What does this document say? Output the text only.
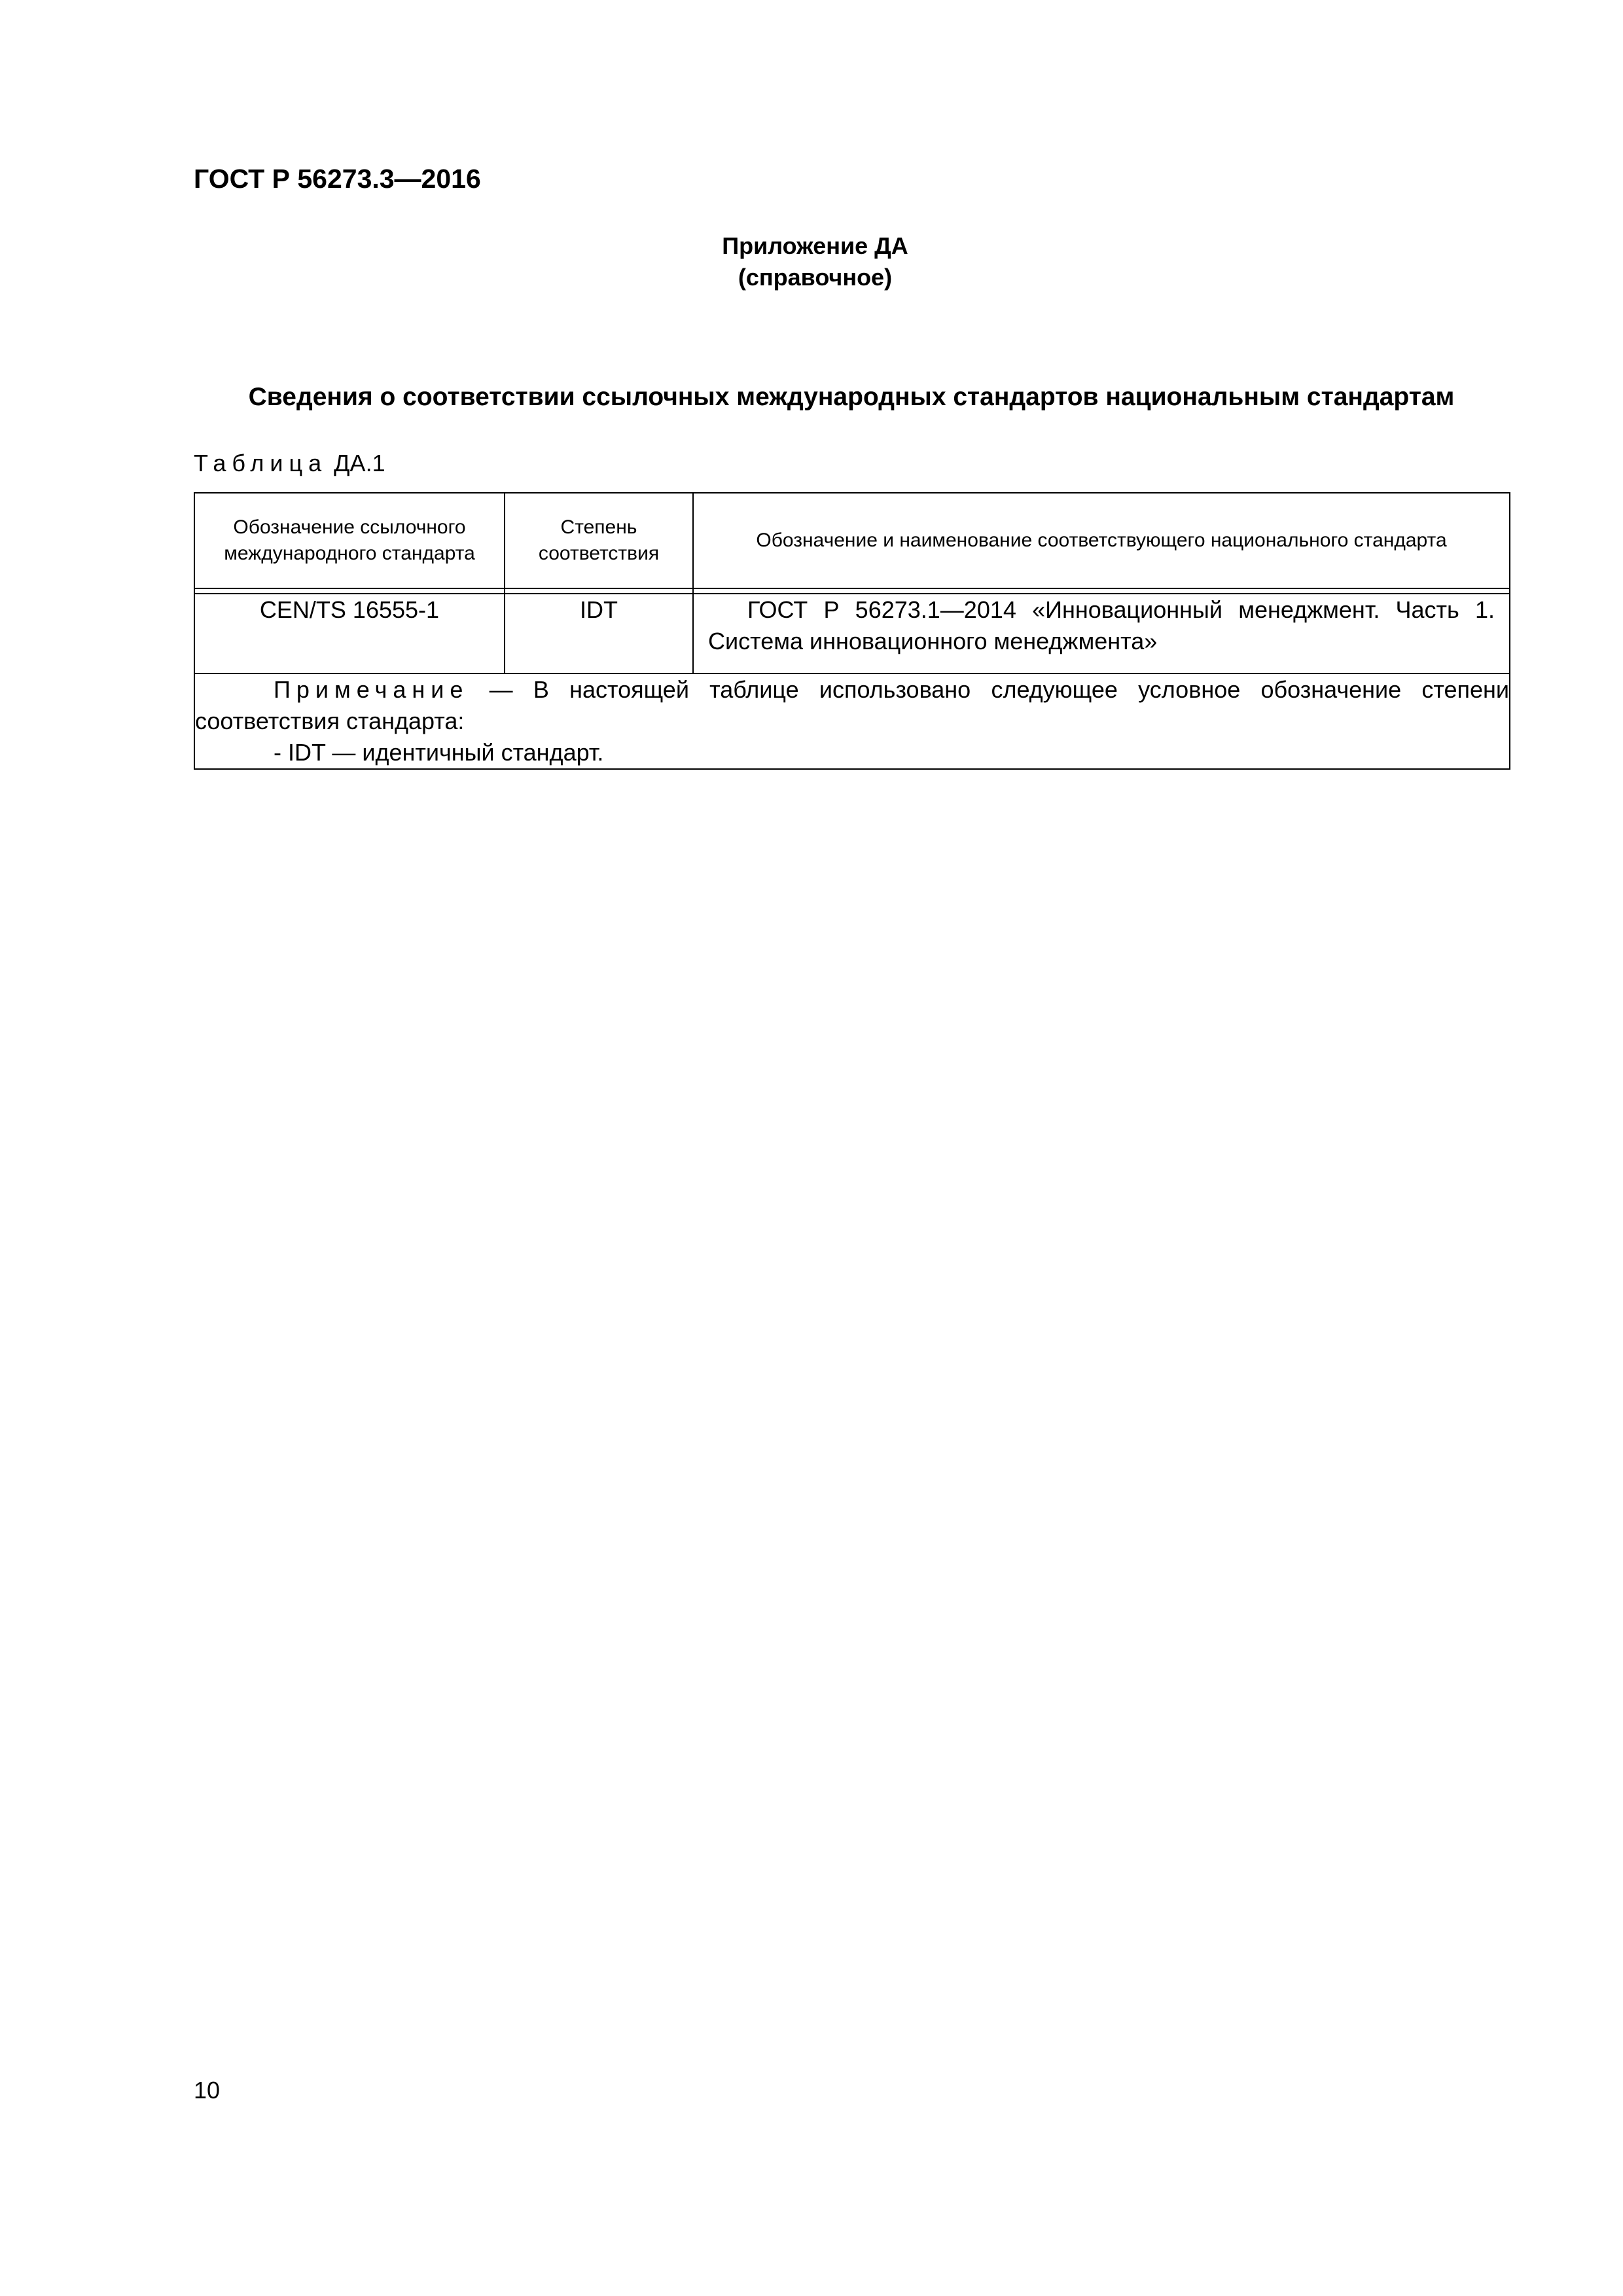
ГОСТ Р 56273.3—2016
Приложение ДА
(справочное)
Сведения о соответствии ссылочных международных стандартов национальным стандартам
Таблица ДА.1
Обозначение ссылочного международного стандарта	Степень соответствия	Обозначение и наименование соответствующего национального стандарта

CEN/TS 16555-1	IDT	ГОСТ Р 56273.1—2014 «Инновационный менеджмент. Часть 1. Система инновационного менеджмента»
Примечание — В настоящей таблице использовано следующее условное обозначение степени соответствия стандарта:
- IDT — идентичный стандарт.		
10
